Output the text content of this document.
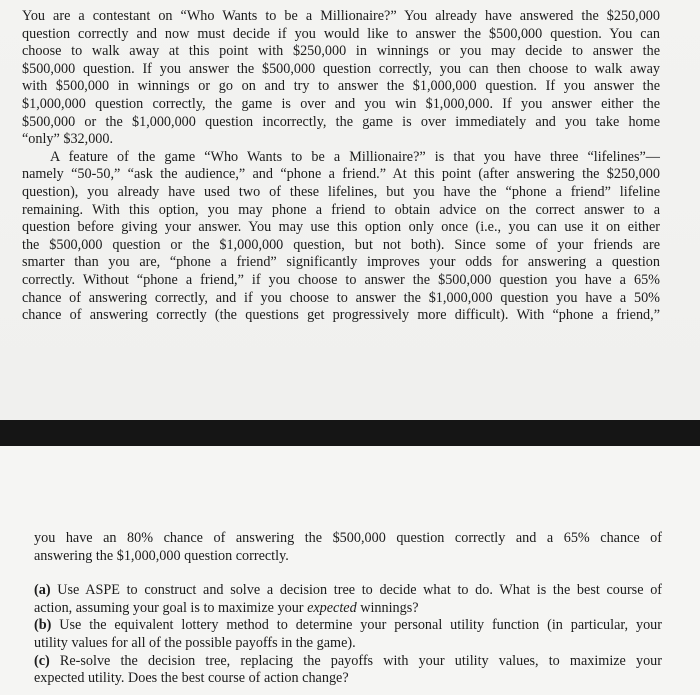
You are a contestant on “Who Wants to be a Millionaire?” You already have answered the $250,000
question correctly and now must decide if you would like to answer the $500,000 question. You can
choose to walk away at this point with $250,000 in winnings or you may decide to answer the
$500,000 question. If you answer the $500,000 question correctly, you can then choose to walk away
with $500,000 in winnings or go on and try to answer the $1,000,000 question. If you answer the
$1,000,000 question correctly, the game is over and you win $1,000,000. If you answer either the
$500,000 or the $1,000,000 question incorrectly, the game is over immediately and you take home
“only” $32,000.
A feature of the game “Who Wants to be a Millionaire?” is that you have three “lifelines”—
namely “50-50,” “ask the audience,” and “phone a friend.” At this point (after answering the $250,000
question), you already have used two of these lifelines, but you have the “phone a friend” lifeline
remaining. With this option, you may phone a friend to obtain advice on the correct answer to a
question before giving your answer. You may use this option only once (i.e., you can use it on either
the $500,000 question or the $1,000,000 question, but not both). Since some of your friends are
smarter than you are, “phone a friend” significantly improves your odds for answering a question
correctly. Without “phone a friend,” if you choose to answer the $500,000 question you have a 65%
chance of answering correctly, and if you choose to answer the $1,000,000 question you have a 50%
chance of answering correctly (the questions get progressively more difficult). With “phone a friend,”
you have an 80% chance of answering the $500,000 question correctly and a 65% chance of
answering the $1,000,000 question correctly.
(a) Use ASPE to construct and solve a decision tree to decide what to do. What is the best course of
action, assuming your goal is to maximize your expected winnings?
(b) Use the equivalent lottery method to determine your personal utility function (in particular, your
utility values for all of the possible payoffs in the game).
(c) Re-solve the decision tree, replacing the payoffs with your utility values, to maximize your
expected utility. Does the best course of action change?
